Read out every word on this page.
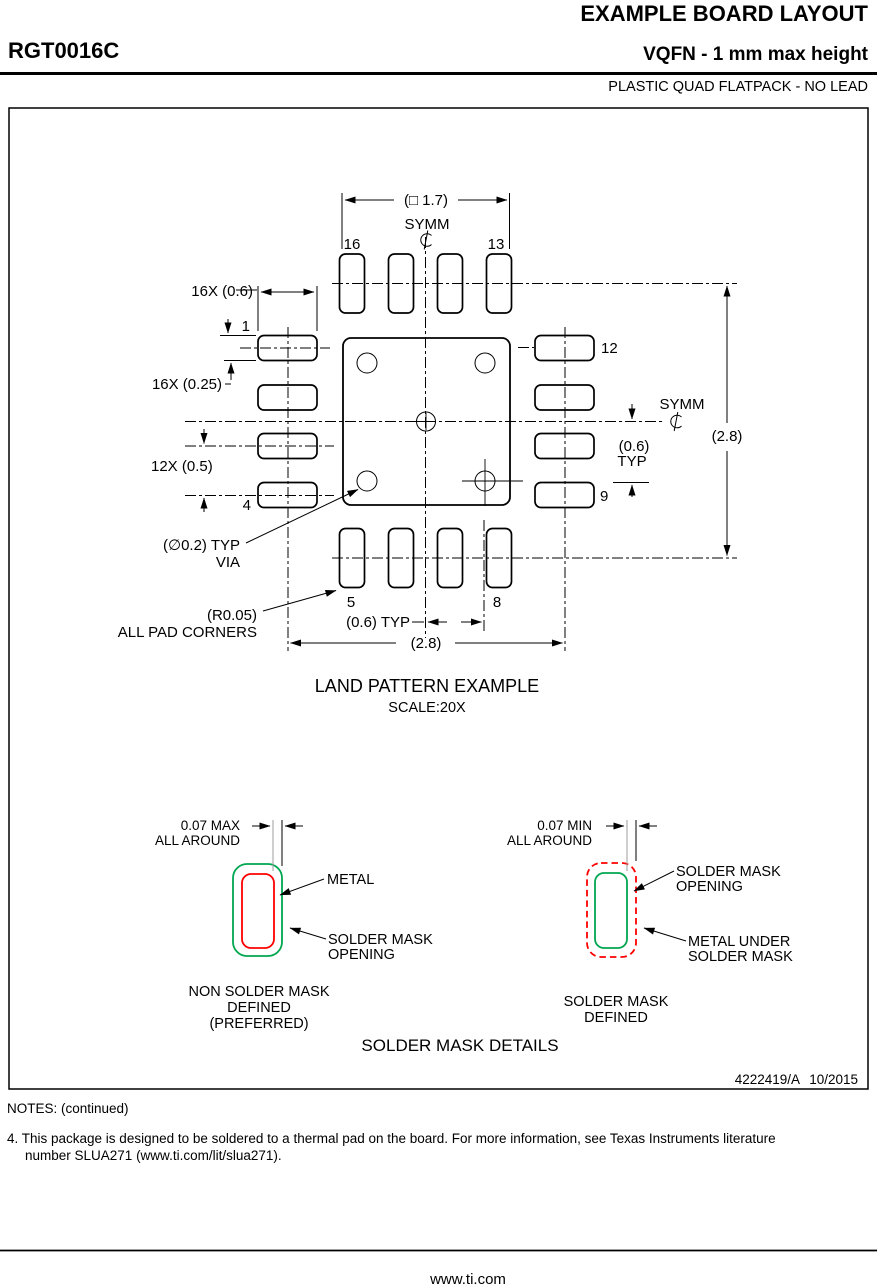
EXAMPLE BOARD LAYOUT
RGT0016C	VQFN - 1 mm max height
PLASTIC QUAD FLATPACK - NO LEAD
(□ 1.7)
SYMM
16	13
16X (0.6)
1
16X (0.25)
12X (0.5)
4
12
9
5	8
(∅0.2) TYP
VIA
(R0.05)
ALL PAD CORNERS
(0.6) TYP
(2.8)
(2.8)
SYMM
(0.6)
TYP
LAND PATTERN EXAMPLE
SCALE:20X
0.07 MAX
ALL AROUND
METAL
SOLDER MASK
OPENING
NON SOLDER MASK
DEFINED
(PREFERRED)
0.07 MIN
ALL AROUND
SOLDER MASK
OPENING
METAL UNDER
SOLDER MASK
SOLDER MASK
DEFINED
SOLDER MASK DETAILS
4222419/A 10/2015
NOTES: (continued)
4. This package is designed to be soldered to a thermal pad on the board. For more information, see Texas Instruments literature
number SLUA271 (www.ti.com/lit/slua271).
www.ti.com
